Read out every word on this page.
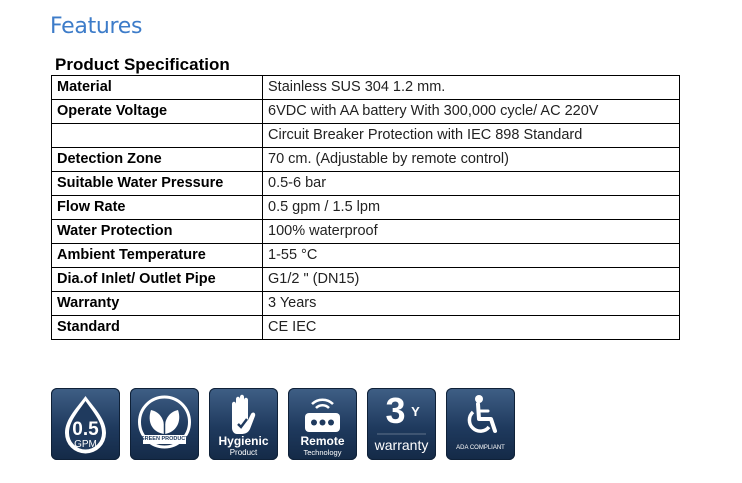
Features
Product Specification
Material	Stainless SUS 304 1.2 mm.
Operate Voltage	6VDC with AA battery With 300,000 cycle/ AC 220V
	Circuit Breaker Protection with IEC 898 Standard
Detection Zone	70 cm. (Adjustable by remote control)
Suitable Water Pressure	0.5-6 bar
Flow Rate	0.5 gpm / 1.5 lpm
Water Protection	100% waterproof
Ambient Temperature	1-55 °C
Dia.of Inlet/ Outlet Pipe	G1/2 " (DN15)
Warranty	3 Years
Standard	CE IEC
0.5
GPM	GREEN PRODUCT	Hygienic
Product
Remote
Technology
3 Y
warranty	ADA COMPLIANT
